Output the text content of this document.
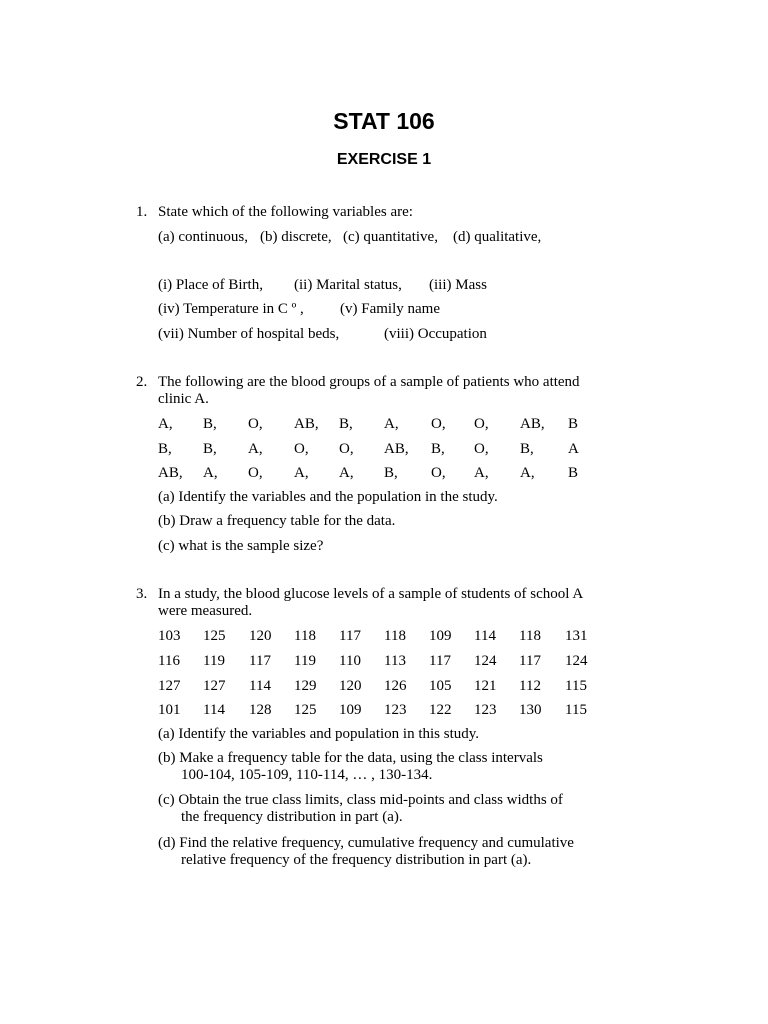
STAT 106
EXERCISE 1
1. State which of the following variables are:
(a) continuous, (b) discrete, (c) quantitative, (d) qualitative,
(i) Place of Birth, (ii) Marital status, (iii) Mass
(iv) Temperature in C º , (v) Family name
(vii) Number of hospital beds,	(viii) Occupation
2. The following are the blood groups of a sample of patients who attend
clinic A.
A, B, O, AB, B, A, O, O, AB, B
B, B, A, O, O, AB, B, O, B, A
AB, A, O, A, A, B, O, A, A, B
(a) Identify the variables and the population in the study.
(b) Draw a frequency table for the data.
(c) what is the sample size?
3. In a study, the blood glucose levels of a sample of students of school A
were measured.
103 125 120 118 117 118 109 114 118 131
116 119 117 119 110 113 117 124 117 124
127 127 114 129 120 126 105 121 112 115
101 114 128 125 109 123 122 123 130 115
(a) Identify the variables and population in this study.
(b) Make a frequency table for the data, using the class intervals
100-104, 105-109, 110-114, … , 130-134.
(c) Obtain the true class limits, class mid-points and class widths of
the frequency distribution in part (a).
(d) Find the relative frequency, cumulative frequency and cumulative
relative frequency of the frequency distribution in part (a).
